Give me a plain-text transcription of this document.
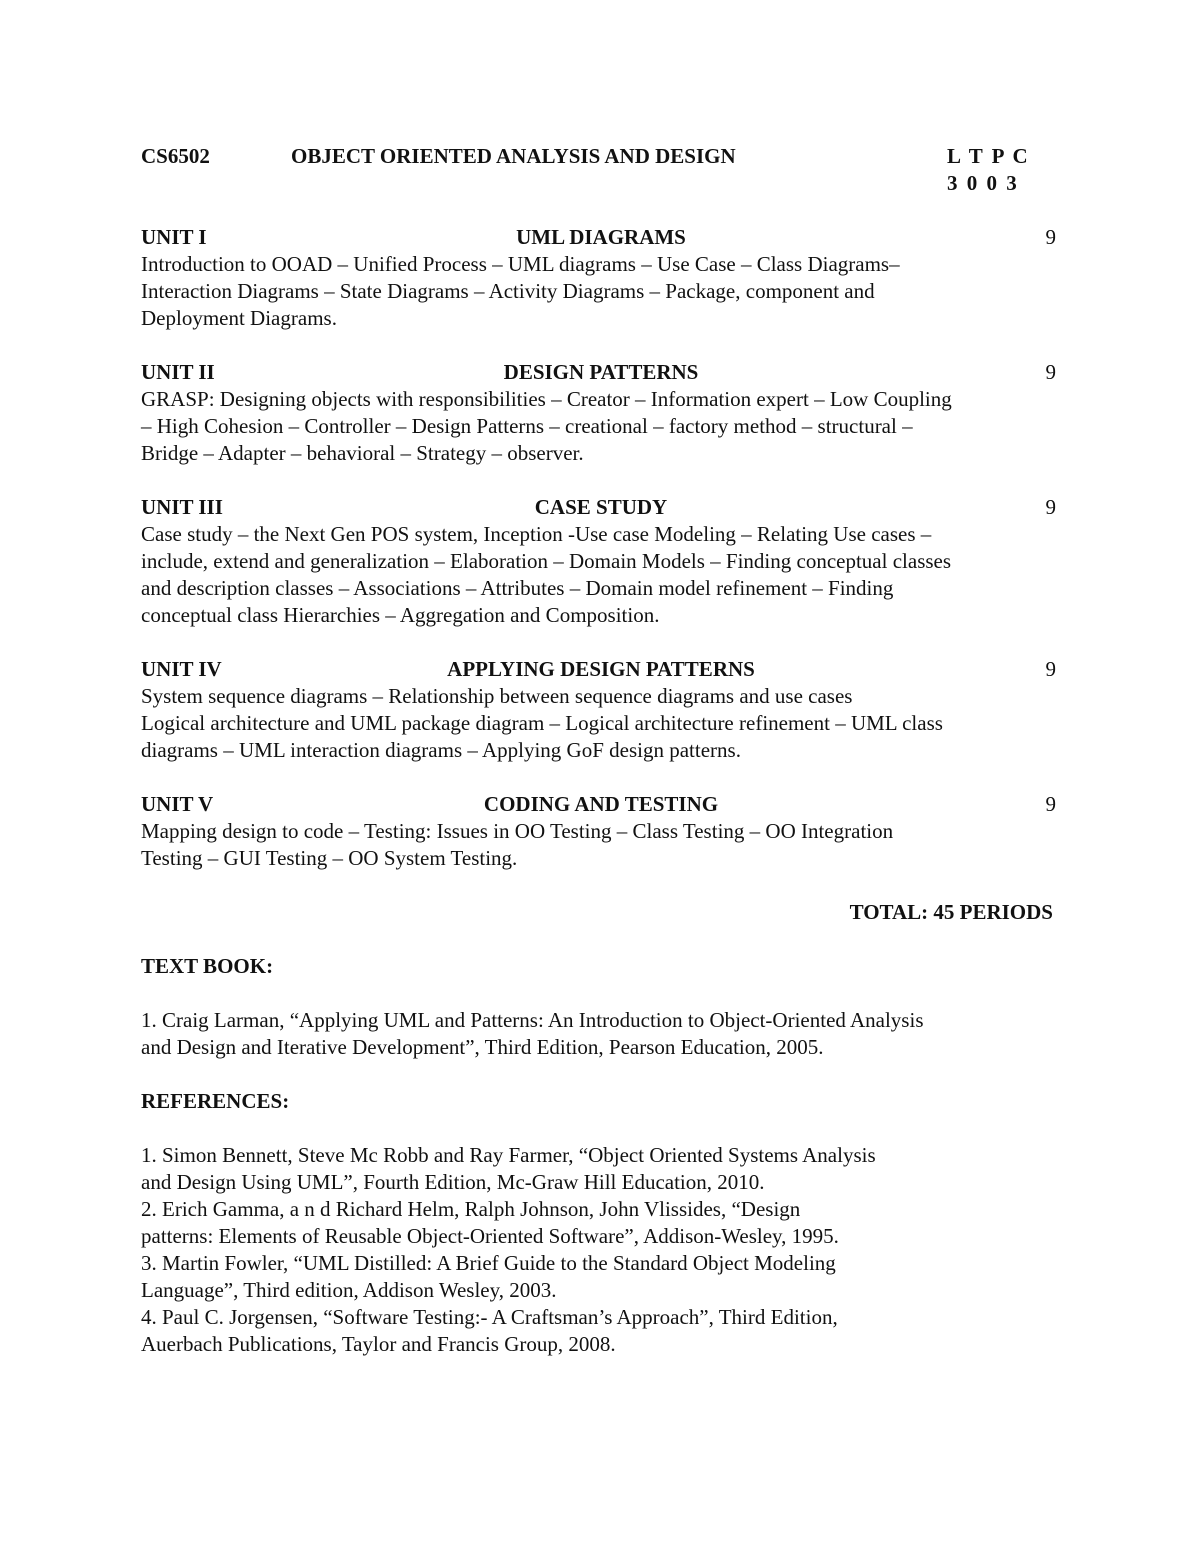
CS6502	OBJECT ORIENTED ANALYSIS AND DESIGN	L T P C
3 0 0 3
UNIT I	UML DIAGRAMS	9

Introduction to OOAD – Unified Process – UML diagrams – Use Case – Class Diagrams–

Interaction Diagrams – State Diagrams – Activity Diagrams – Package, component and

Deployment Diagrams.

UNIT II	DESIGN PATTERNS	9

GRASP: Designing objects with responsibilities – Creator – Information expert – Low Coupling

– High Cohesion – Controller – Design Patterns – creational – factory method – structural –

Bridge – Adapter – behavioral – Strategy – observer.

UNIT III	CASE STUDY	9

Case study – the Next Gen POS system, Inception -Use case Modeling – Relating Use cases –

include, extend and generalization – Elaboration – Domain Models – Finding conceptual classes

and description classes – Associations – Attributes – Domain model refinement – Finding

conceptual class Hierarchies – Aggregation and Composition.

UNIT IV	APPLYING DESIGN PATTERNS	9

System sequence diagrams – Relationship between sequence diagrams and use cases

Logical architecture and UML package diagram – Logical architecture refinement – UML class

diagrams – UML interaction diagrams – Applying GoF design patterns.

UNIT V	CODING AND TESTING	9

Mapping design to code – Testing: Issues in OO Testing – Class Testing – OO Integration

Testing – GUI Testing – OO System Testing.

TOTAL: 45 PERIODS
TEXT BOOK:

1. Craig Larman, “Applying UML and Patterns: An Introduction to Object-Oriented Analysis

and Design and Iterative Development”, Third Edition, Pearson Education, 2005.

REFERENCES:

1. Simon Bennett, Steve Mc Robb and Ray Farmer, “Object Oriented Systems Analysis

and Design Using UML”, Fourth Edition, Mc-Graw Hill Education, 2010.

2. Erich Gamma, a n d Richard Helm, Ralph Johnson, John Vlissides, “Design

patterns: Elements of Reusable Object-Oriented Software”, Addison-Wesley, 1995.

3. Martin Fowler, “UML Distilled: A Brief Guide to the Standard Object Modeling

Language”, Third edition, Addison Wesley, 2003.

4. Paul C. Jorgensen, “Software Testing:- A Craftsman’s Approach”, Third Edition,

Auerbach Publications, Taylor and Francis Group, 2008.
